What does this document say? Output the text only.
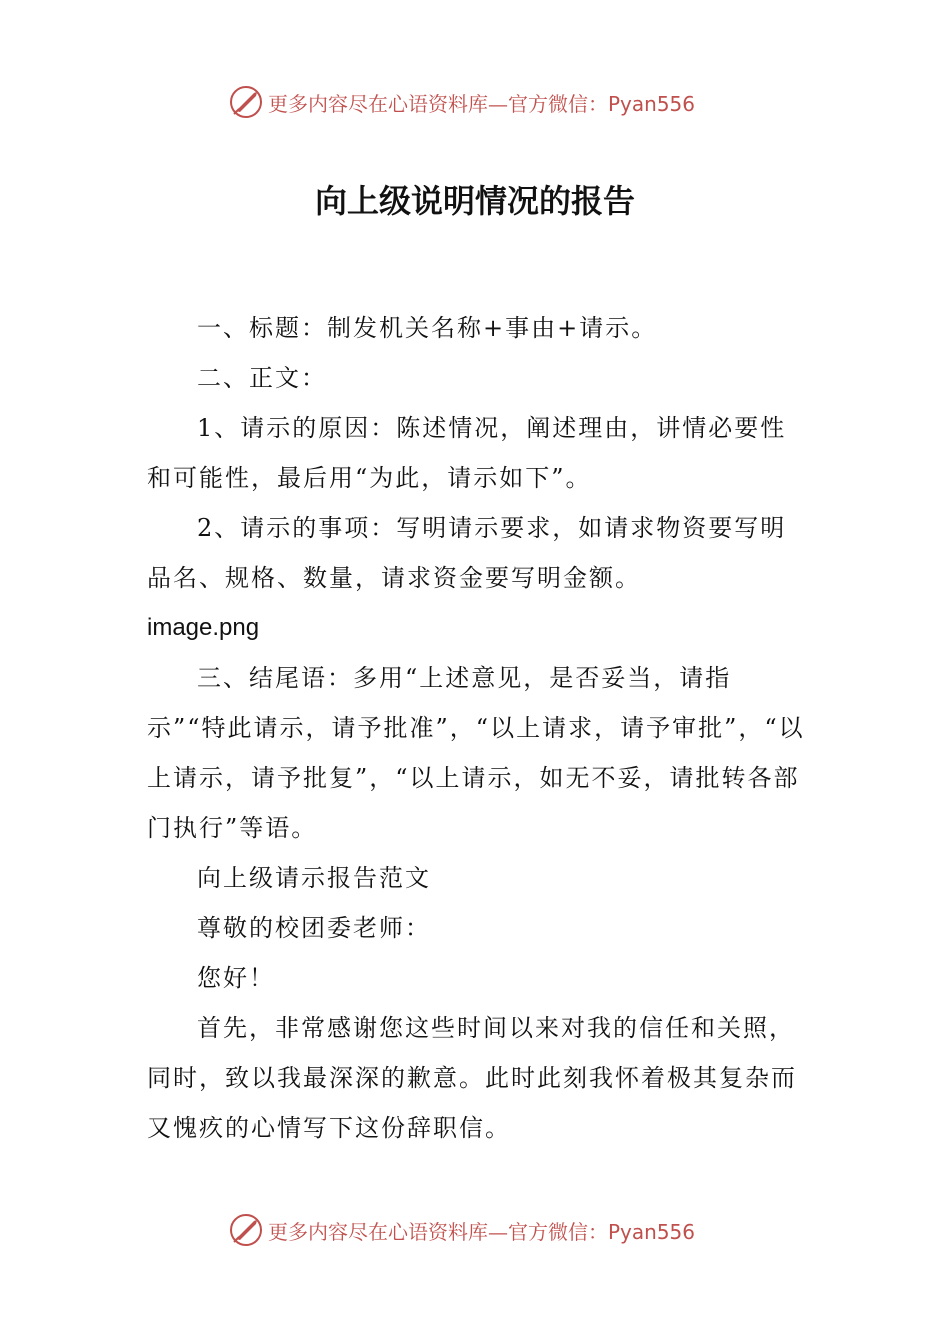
更多内容尽在心语资料库—官方微信：Pyan556
向上级说明情况的报告

一、标题：制发机关名称+事由+请示。

二、正文：

1、请示的原因：陈述情况，阐述理由，讲情必要性和可能性，最后用“为此，请示如下”。

2、请示的事项：写明请示要求，如请求物资要写明品名、规格、数量，请求资金要写明金额。

image.png

三、结尾语：多用“上述意见，是否妥当，请指示”“特此请示，请予批准”，“以上请求，请予审批”，“以上请示，请予批复”，“以上请示，如无不妥，请批转各部门执行”等语。

向上级请示报告范文

尊敬的校团委老师：

您好！

首先，非常感谢您这些时间以来对我的信任和关照，同时，致以我最深深的歉意。此时此刻我怀着极其复杂而又愧疚的心情写下这份辞职信。

更多内容尽在心语资料库—官方微信：Pyan556
